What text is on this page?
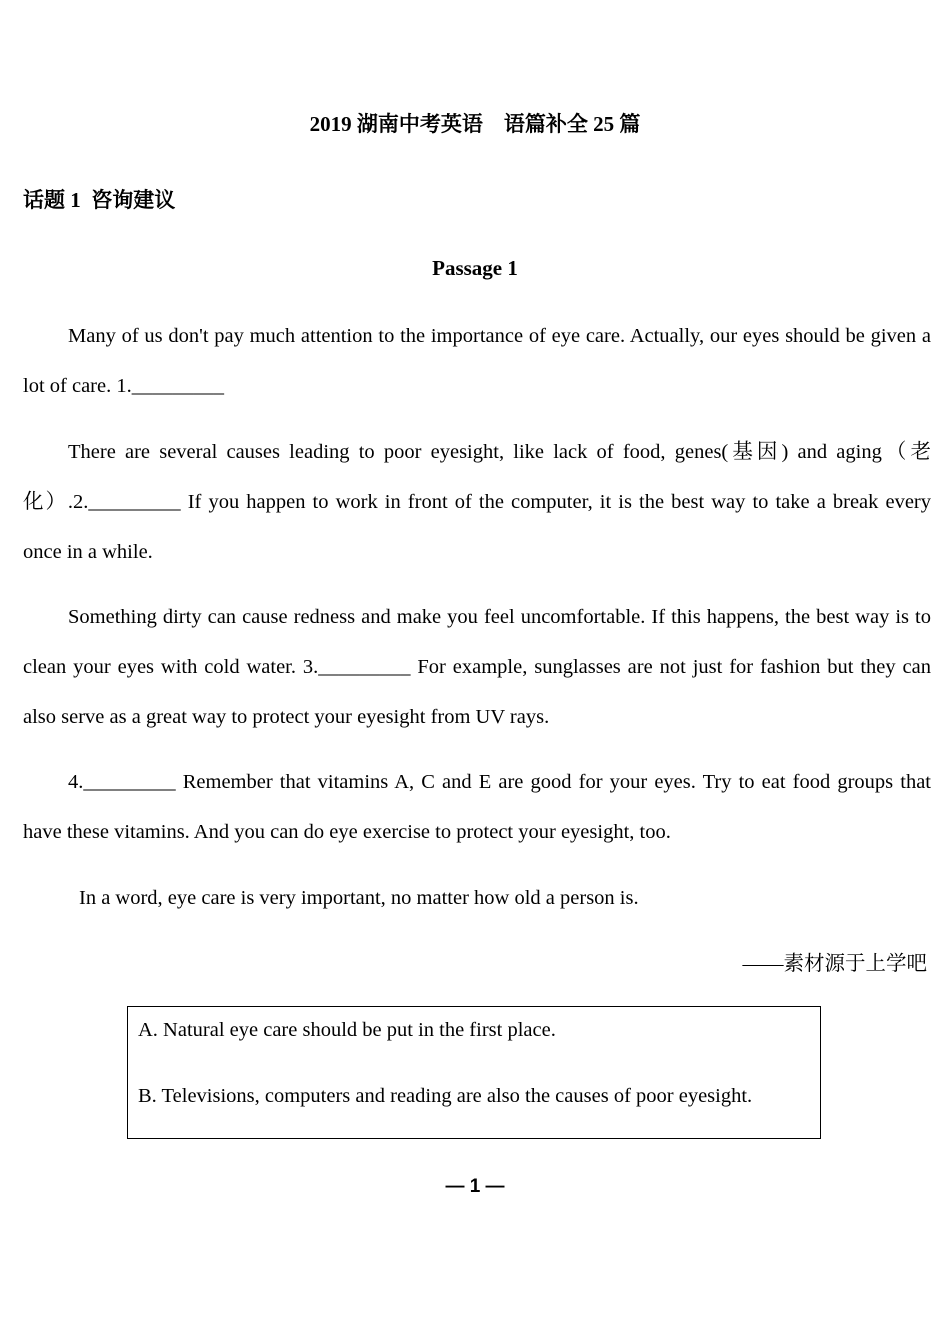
2019 湖南中考英语    语篇补全 25 篇
话题 1  咨询建议
Passage 1

Many of us don't pay much attention to the importance of eye care. Actually, our eyes should be given a lot of care. 1._________

There are several causes leading to poor eyesight, like lack of food, genes(基因) and aging（老化）.2._________ If you happen to work in front of the computer, it is the best way to take a break every once in a while.

Something dirty can cause redness and make you feel uncomfortable. If this happens, the best way is to clean your eyes with cold water. 3._________ For example, sunglasses are not just for fashion but they can also serve as a great way to protect your eyesight from UV rays.

4._________ Remember that vitamins A, C and E are good for your eyes. Try to eat food groups that have these vitamins. And you can do eye exercise to protect your eyesight, too.

In a word, eye care is very important, no matter how old a person is.

——素材源于上学吧
A. Natural eye care should be put in the first place.
B. Televisions, computers and reading are also the causes of poor eyesight.
— 1 —
